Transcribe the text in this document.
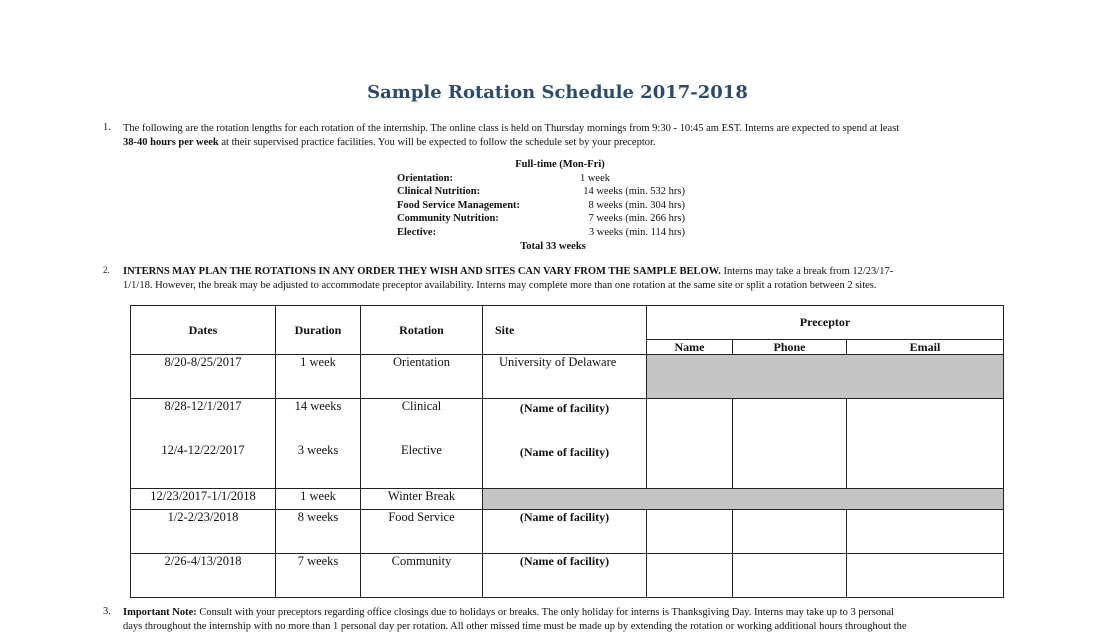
Sample Rotation Schedule 2017-2018
1. The following are the rotation lengths for each rotation of the internship. The online class is held on Thursday mornings from 9:30 - 10:45 am EST. Interns are expected to spend at least
38-40 hours per week at their supervised practice facilities. You will be expected to follow the schedule set by your preceptor.
Full-time (Mon-Fri)
Orientation:	1 week
Clinical Nutrition:	14 weeks (min. 532 hrs)
Food Service Management:	8 weeks (min. 304 hrs)
Community Nutrition:	7 weeks (min. 266 hrs)
Elective:	3 weeks (min. 114 hrs)
Total 33 weeks
2. INTERNS MAY PLAN THE ROTATIONS IN ANY ORDER THEY WISH AND SITES CAN VARY FROM THE SAMPLE BELOW. Interns may take a break from 12/23/17-
1/1/18. However, the break may be adjusted to accommodate preceptor availability. Interns may complete more than one rotation at the same site or split a rotation between 2 sites.
Dates	Duration	Rotation	Site	Preceptor		
				Name	Phone	Email
8/20-8/25/2017	1 week	Orientation	University of Delaware			
8/28-12/1/2017	14 weeks	Clinical	(Name of facility)			
12/4-12/22/2017	3 weeks	Elective	(Name of facility)			
12/23/2017-1/1/2018	1 week	Winter Break				
1/2-2/23/2018	8 weeks	Food Service	(Name of facility)			
2/26-4/13/2018	7 weeks	Community	(Name of facility)			
3. Important Note: Consult with your preceptors regarding office closings due to holidays or breaks. The only holiday for interns is Thanksgiving Day. Interns may take up to 3 personal
days throughout the internship with no more than 1 personal day per rotation. All other missed time must be made up by extending the rotation or working additional hours throughout the
